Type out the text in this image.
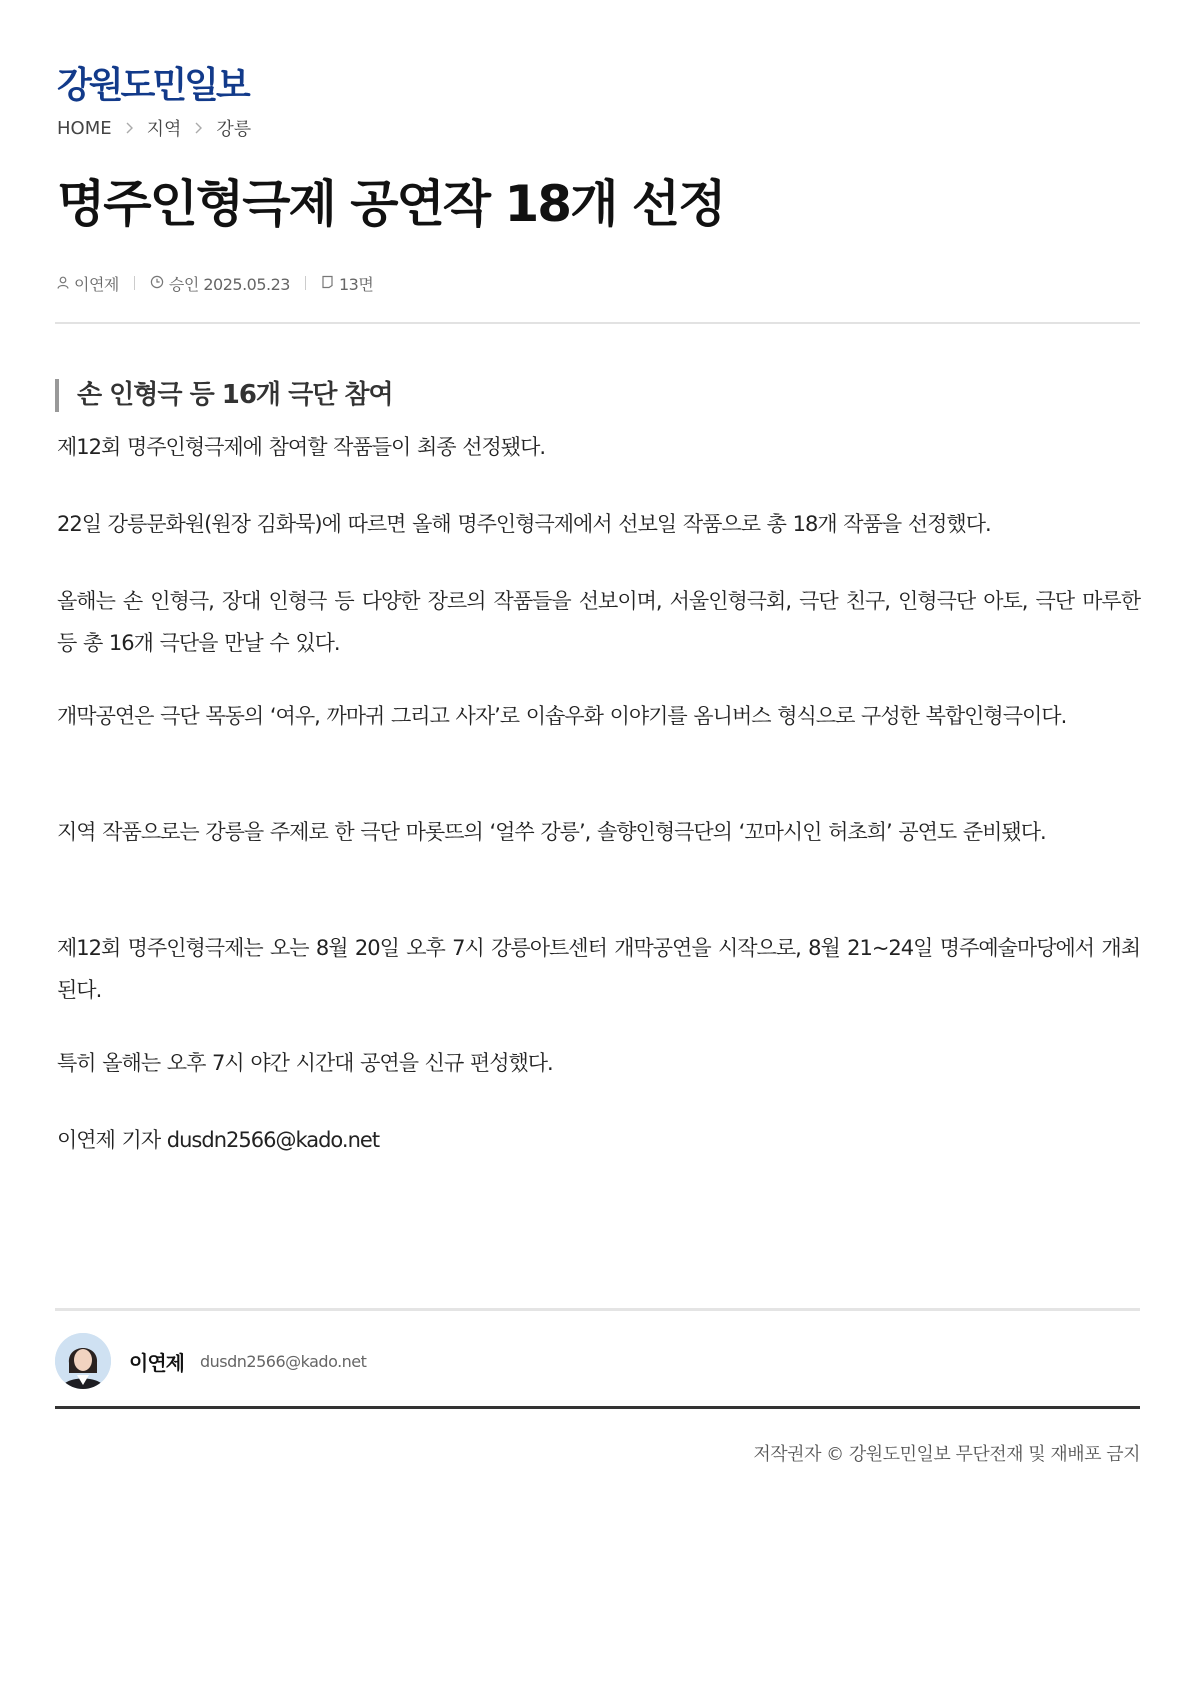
강원도민일보
HOME 지역 강릉
명주인형극제 공연작 18개 선정
이연제	승인 2025.05.23	13면
손 인형극 등 16개 극단 참여

제12회 명주인형극제에 참여할 작품들이 최종 선정됐다.

22일 강릉문화원(원장 김화묵)에 따르면 올해 명주인형극제에서 선보일 작품으로 총 18개 작품을 선정했다.

올해는 손 인형극, 장대 인형극 등 다양한 장르의 작품들을 선보이며, 서울인형극회, 극단 친구, 인형극단 아토, 극단 마루한 등 총 16개 극단을 만날 수 있다.

개막공연은 극단 목동의 ‘여우, 까마귀 그리고 사자’로 이솝우화 이야기를 옴니버스 형식으로 구성한 복합인형극이다.

지역 작품으로는 강릉을 주제로 한 극단 마롯뜨의 ‘얼쑤 강릉’, 솔향인형극단의 ‘꼬마시인 허초희’ 공연도 준비됐다.

제12회 명주인형극제는 오는 8월 20일 오후 7시 강릉아트센터 개막공연을 시작으로, 8월 21~24일 명주예술마당에서 개최된다.

특히 올해는 오후 7시 야간 시간대 공연을 신규 편성했다.

이연제 기자 dusdn2566@kado.net

이연제 dusdn2566@kado.net
저작권자 © 강원도민일보 무단전재 및 재배포 금지
